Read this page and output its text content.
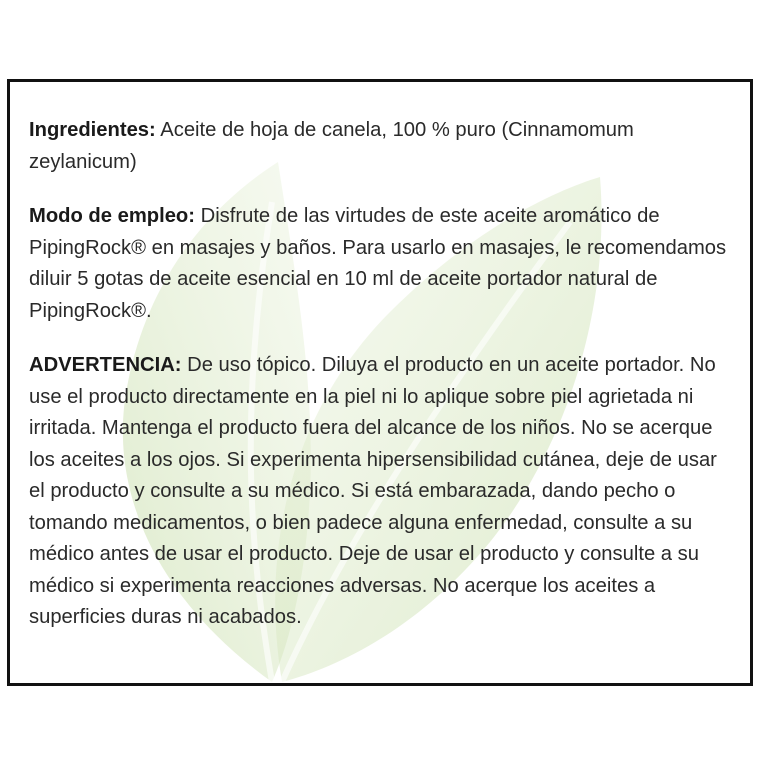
Ingredientes: Aceite de hoja de canela, 100 % puro (Cinnamomum zeylanicum)

Modo de empleo: Disfrute de las virtudes de este aceite aromático de PipingRock® en masajes y baños. Para usarlo en masajes, le recomendamos diluir 5 gotas de aceite esencial en 10 ml de aceite portador natural de PipingRock®.

ADVERTENCIA: De uso tópico. Diluya el producto en un aceite portador. No use el producto directamente en la piel ni lo aplique sobre piel agrietada ni irritada. Mantenga el producto fuera del alcance de los niños. No se acerque los aceites a los ojos. Si experimenta hipersensibilidad cutánea, deje de usar el producto y consulte a su médico. Si está embarazada, dando pecho o tomando medicamentos, o bien padece alguna enfermedad, consulte a su médico antes de usar el producto. Deje de usar el producto y consulte a su médico si experimenta reacciones adversas. No acerque los aceites a superficies duras ni acabados.
